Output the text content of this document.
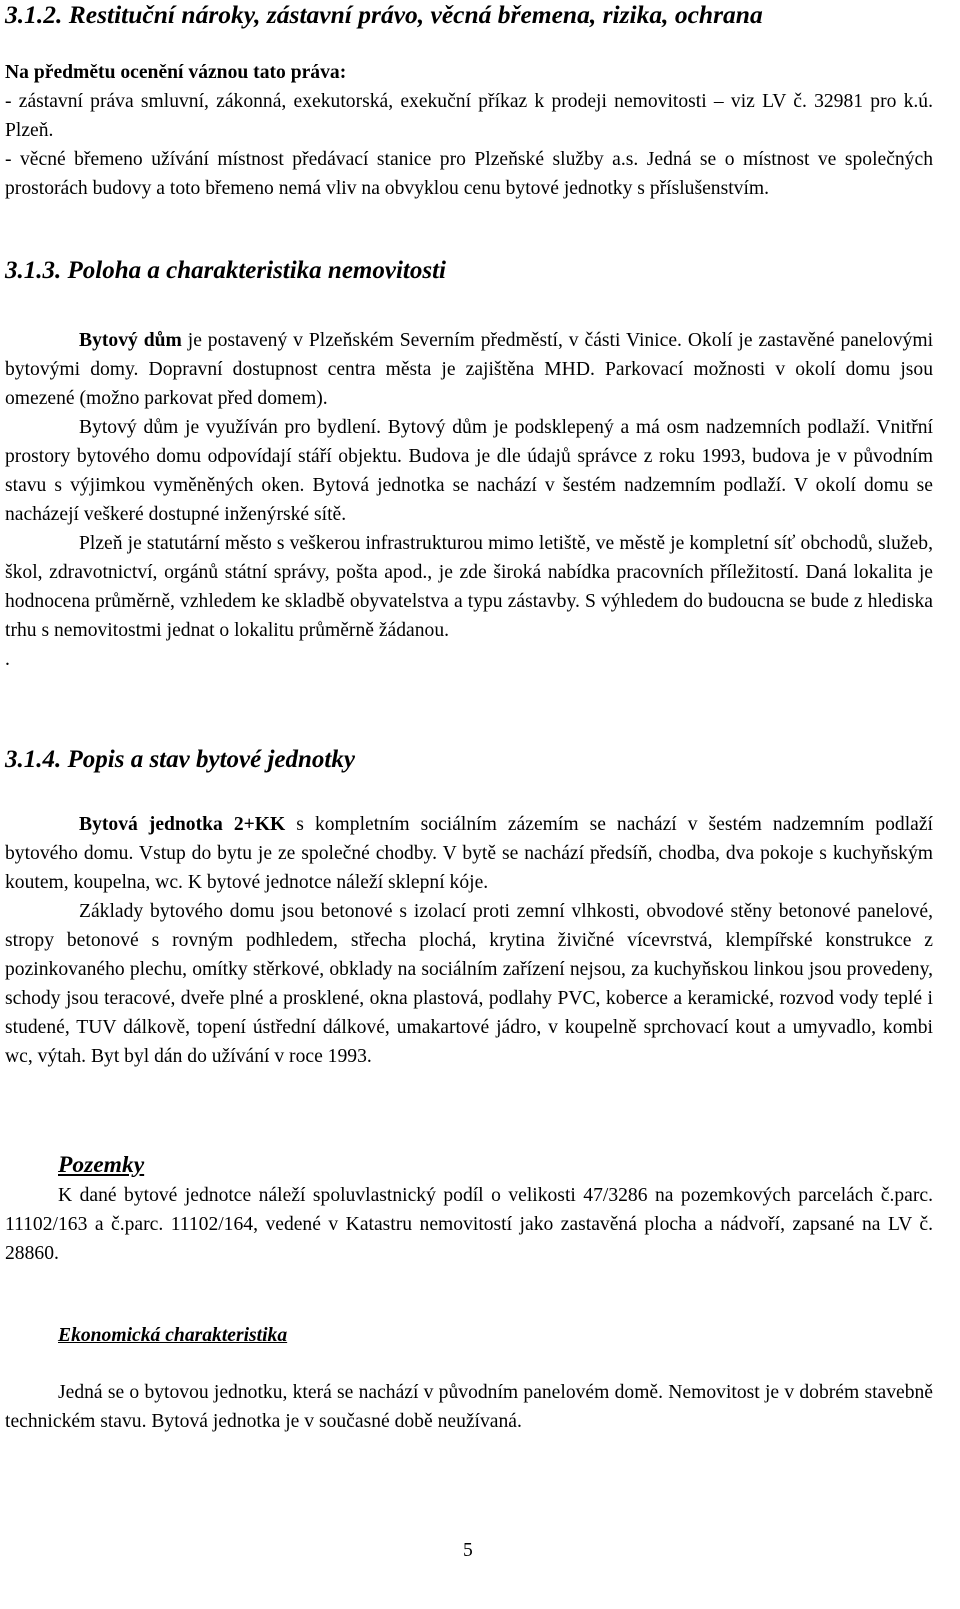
3.1.2. Restituční nároky, zástavní právo, věcná břemena, rizika, ochrana

Na předmětu ocenění váznou tato práva:

- zástavní práva smluvní, zákonná, exekutorská, exekuční příkaz k prodeji nemovitosti – viz LV č. 32981 pro k.ú. Plzeň.

- věcné břemeno užívání místnost předávací stanice pro Plzeňské služby a.s. Jedná se o místnost ve společných prostorách budovy a toto břemeno nemá vliv na obvyklou cenu bytové jednotky s příslušenstvím.

3.1.3. Poloha a charakteristika nemovitosti

Bytový dům je postavený v Plzeňském Severním předměstí, v části Vinice. Okolí je zastavěné panelovými bytovými domy. Dopravní dostupnost centra města je zajištěna MHD. Parkovací možnosti v okolí domu jsou omezené (možno parkovat před domem).

Bytový dům je využíván pro bydlení. Bytový dům je podsklepený a má osm nadzemních podlaží. Vnitřní prostory bytového domu odpovídají stáří objektu. Budova je dle údajů správce z roku 1993, budova je v původním stavu s výjimkou vyměněných oken. Bytová jednotka se nachází v šestém nadzemním podlaží. V okolí domu se nacházejí veškeré dostupné inženýrské sítě.

Plzeň je statutární město s veškerou infrastrukturou mimo letiště, ve městě je kompletní síť obchodů, služeb, škol, zdravotnictví, orgánů státní správy, pošta apod., je zde široká nabídka pracovních příležitostí. Daná lokalita je hodnocena průměrně, vzhledem ke skladbě obyvatelstva a typu zástavby. S výhledem do budoucna se bude z hlediska trhu s nemovitostmi jednat o lokalitu průměrně žádanou.

.

3.1.4. Popis a stav bytové jednotky

Bytová jednotka 2+KK s kompletním sociálním zázemím se nachází v šestém nadzemním podlaží bytového domu. Vstup do bytu je ze společné chodby. V bytě se nachází předsíň, chodba, dva pokoje s kuchyňským koutem, koupelna, wc. K bytové jednotce náleží sklepní kóje.

Základy bytového domu jsou betonové s izolací proti zemní vlhkosti, obvodové stěny betonové panelové, stropy betonové s rovným podhledem, střecha plochá, krytina živičné vícevrstvá, klempířské konstrukce z pozinkovaného plechu, omítky stěrkové, obklady na sociálním zařízení nejsou, za kuchyňskou linkou jsou provedeny, schody jsou teracové, dveře plné a prosklené, okna plastová, podlahy PVC, koberce a keramické, rozvod vody teplé i studené, TUV dálkově, topení ústřední dálkové, umakartové jádro, v koupelně sprchovací kout a umyvadlo, kombi wc, výtah. Byt byl dán do užívání v roce 1993.

Pozemky

K dané bytové jednotce náleží spoluvlastnický podíl o velikosti 47/3286 na pozemkových parcelách č.parc. 11102/163 a č.parc. 11102/164, vedené v Katastru nemovitostí jako zastavěná plocha a nádvoří, zapsané na LV č. 28860.

Ekonomická charakteristika

Jedná se o bytovou jednotku, která se nachází v původním panelovém domě. Nemovitost je v dobrém stavebně technickém stavu. Bytová jednotka je v současné době neužívaná.

5
